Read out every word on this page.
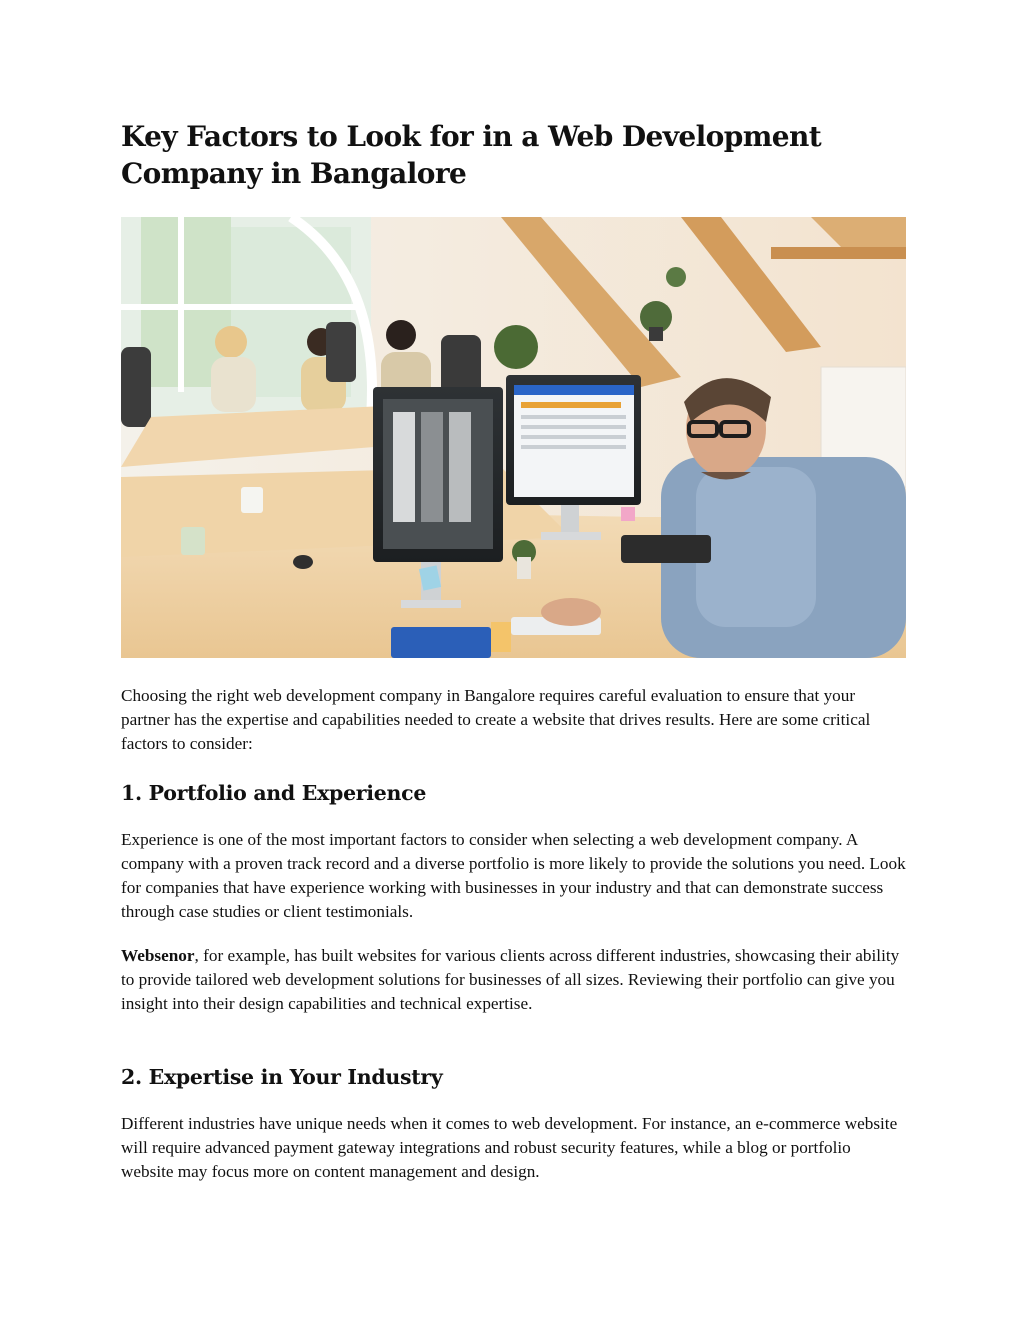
Key Factors to Look for in a Web Development Company in Bangalore

Choosing the right web development company in Bangalore requires careful evaluation to ensure that your partner has the expertise and capabilities needed to create a website that drives results. Here are some critical factors to consider:

1. Portfolio and Experience

Experience is one of the most important factors to consider when selecting a web development company. A company with a proven track record and a diverse portfolio is more likely to provide the solutions you need. Look for companies that have experience working with businesses in your industry and that can demonstrate success through case studies or client testimonials.

Websenor, for example, has built websites for various clients across different industries, showcasing their ability to provide tailored web development solutions for businesses of all sizes. Reviewing their portfolio can give you insight into their design capabilities and technical expertise.

2. Expertise in Your Industry

Different industries have unique needs when it comes to web development. For instance, an e-commerce website will require advanced payment gateway integrations and robust security features, while a blog or portfolio website may focus more on content management and design.
